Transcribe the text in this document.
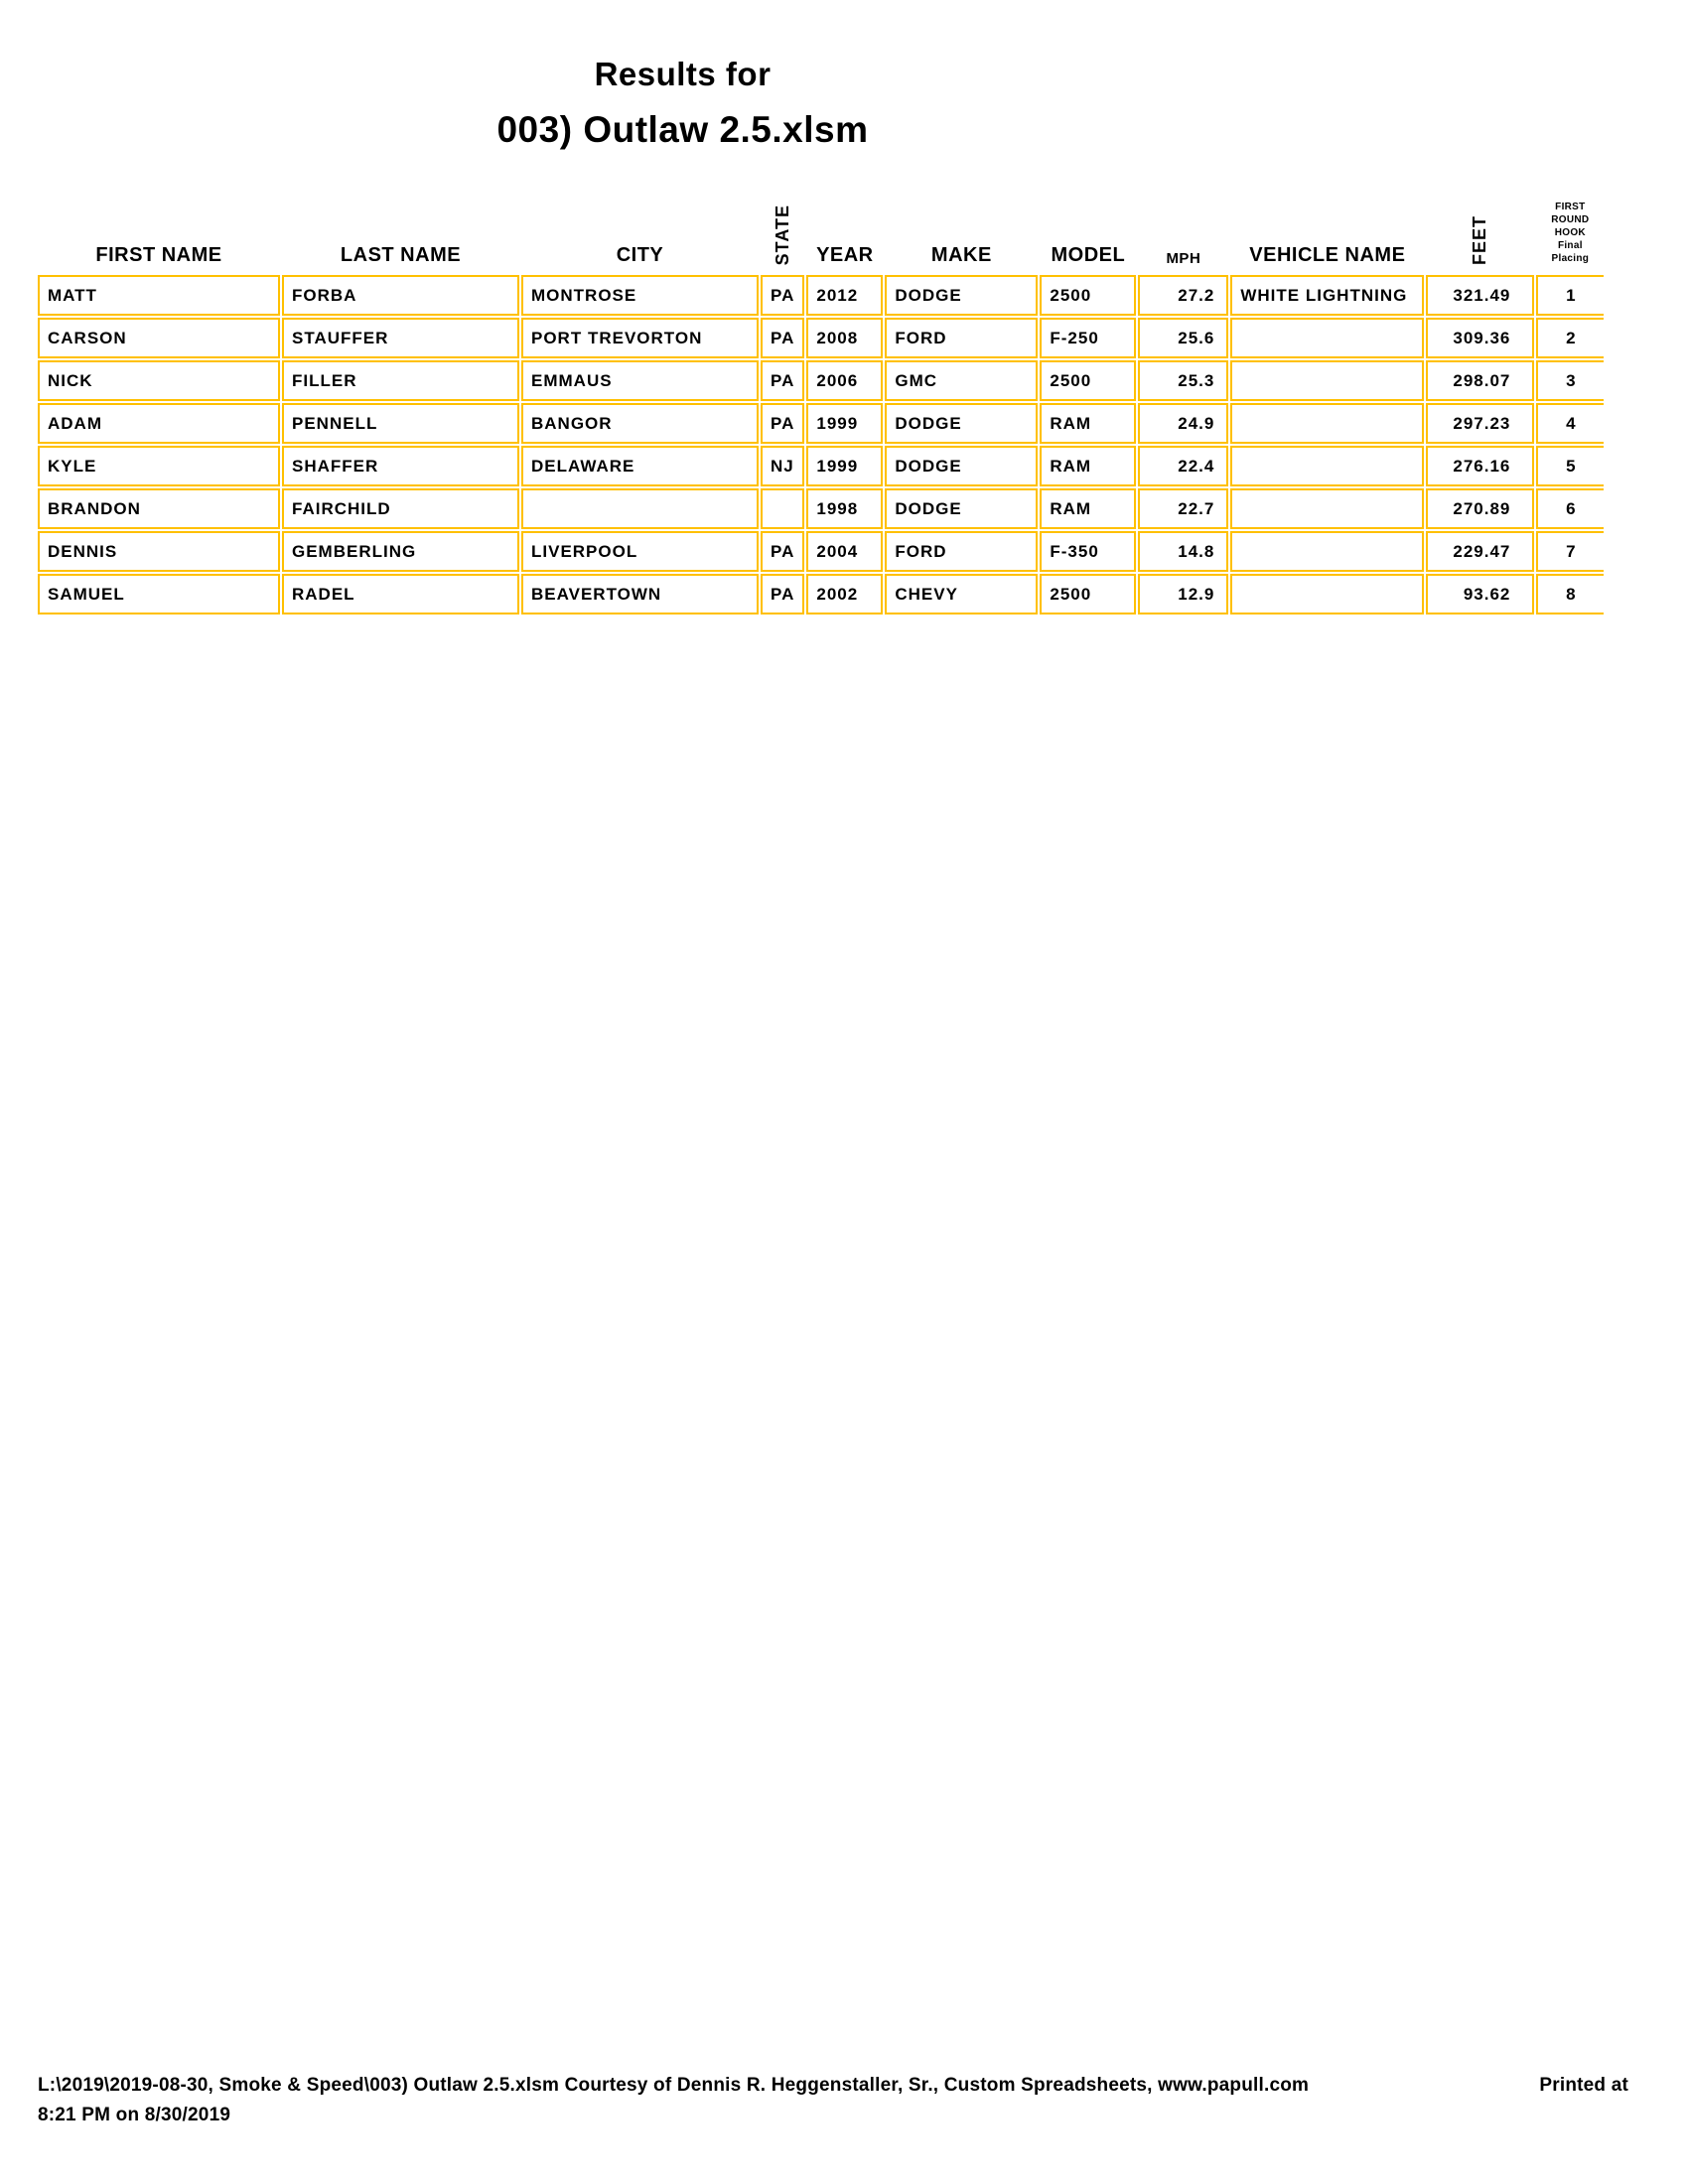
Results for
003) Outlaw 2.5.xlsm
FIRST NAME	LAST NAME	CITY	STATE	YEAR	MAKE	MODEL	MPH	VEHICLE NAME	FEET	FIRST ROUND
HOOK
Final Placing

MATT	FORBA	MONTROSE	PA	2012	DODGE	2500	27.2	WHITE LIGHTNING	321.49	1
CARSON	STAUFFER	PORT TREVORTON	PA	2008	FORD	F-250	25.6		309.36	2
NICK	FILLER	EMMAUS	PA	2006	GMC	2500	25.3		298.07	3
ADAM	PENNELL	BANGOR	PA	1999	DODGE	RAM	24.9		297.23	4
KYLE	SHAFFER	DELAWARE	NJ	1999	DODGE	RAM	22.4		276.16	5
BRANDON	FAIRCHILD			1998	DODGE	RAM	22.7		270.89	6
DENNIS	GEMBERLING	LIVERPOOL	PA	2004	FORD	F-350	14.8		229.47	7
SAMUEL	RADEL	BEAVERTOWN	PA	2002	CHEVY	2500	12.9		93.62	8
L:\2019\2019-08-30, Smoke & Speed\003) Outlaw 2.5.xlsm Courtesy of Dennis R. Heggenstaller, Sr., Custom Spreadsheets, www.papull.com	Printed at
8:21 PM on 8/30/2019
